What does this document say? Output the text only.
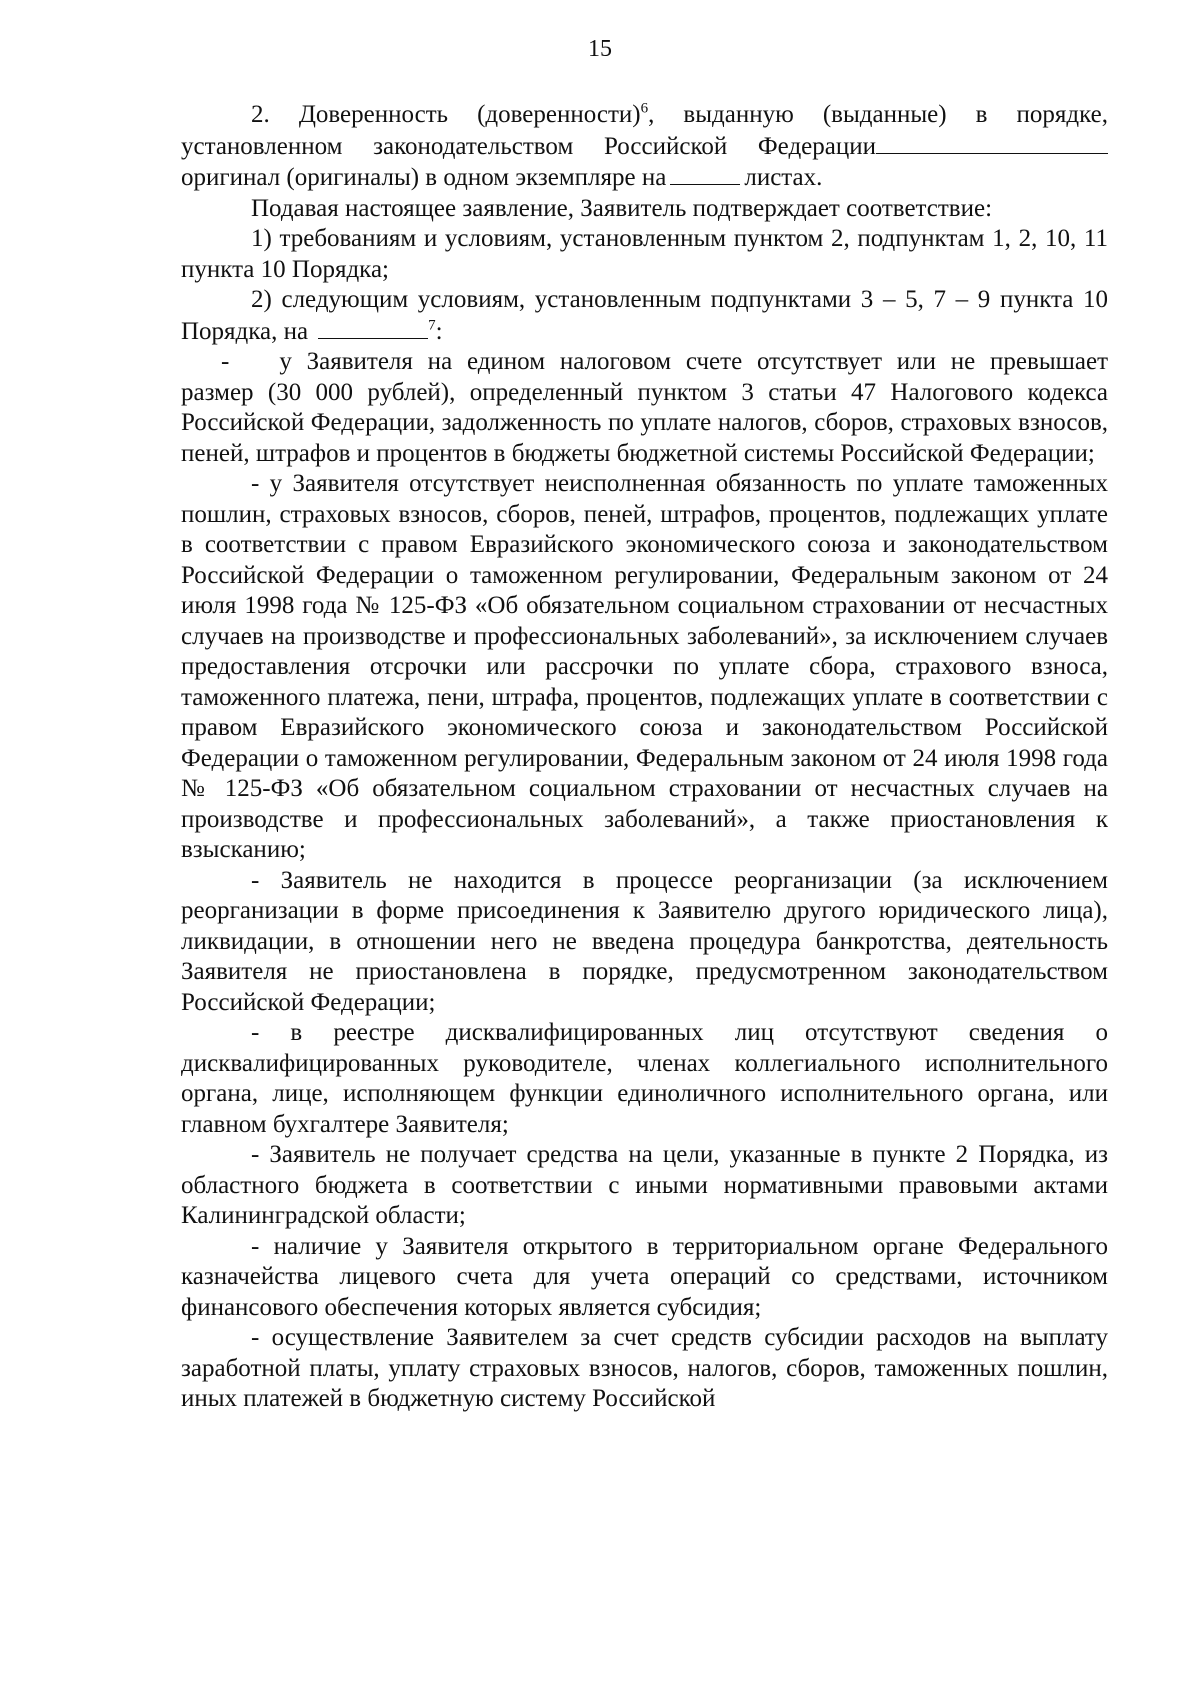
15

2. Доверенность (доверенности)$^6$, выданную (выданные) в порядке, установленном законодательством Российской Федерации оригинал (оригиналы) в одном экземпляре на	листах.

Подавая настоящее заявление, Заявитель подтверждает соответствие:

1) требованиям и условиям, установленным пунктом 2, подпунктам 1, 2, 10, 11 пункта 10 Порядка;

2) следующим условиям, установленным подпунктами 3 – 5, 7 – 9 пункта 10 Порядка, на	$^7$:

-  у Заявителя на едином налоговом счете отсутствует или не превышает размер (30 000 рублей), определенный пунктом 3 статьи 47 Налогового кодекса Российской Федерации, задолженность по уплате налогов, сборов, страховых взносов, пеней, штрафов и процентов в бюджеты бюджетной системы Российской Федерации;

- у Заявителя отсутствует неисполненная обязанность по уплате таможенных пошлин, страховых взносов, сборов, пеней, штрафов, процентов, подлежащих уплате в соответствии с правом Евразийского экономического союза и законодательством Российской Федерации о таможенном регулировании, Федеральным законом от 24 июля 1998 года № 125-ФЗ «Об обязательном социальном страховании от несчастных случаев на производстве и профессиональных заболеваний», за исключением случаев предоставления отсрочки или рассрочки по уплате сбора, страхового взноса, таможенного платежа, пени, штрафа, процентов, подлежащих уплате в соответствии с правом Евразийского экономического союза и законодательством Российской Федерации о таможенном регулировании, Федеральным законом от 24 июля 1998 года № 125-ФЗ «Об обязательном социальном страховании от несчастных случаев на производстве и профессиональных заболеваний», а также приостановления к взысканию;

- Заявитель не находится в процессе реорганизации (за исключением реорганизации в форме присоединения к Заявителю другого юридического лица), ликвидации, в отношении него не введена процедура банкротства, деятельность Заявителя не приостановлена в порядке, предусмотренном законодательством Российской Федерации;

- в реестре дисквалифицированных лиц отсутствуют сведения о дисквалифицированных руководителе, членах коллегиального исполнительного органа, лице, исполняющем функции единоличного исполнительного органа, или главном бухгалтере Заявителя;

- Заявитель не получает средства на цели, указанные в пункте 2 Порядка, из областного бюджета в соответствии с иными нормативными правовыми актами Калининградской области;

- наличие у Заявителя открытого в территориальном органе Федерального казначейства лицевого счета для учета операций со средствами, источником финансового обеспечения которых является субсидия;

- осуществление Заявителем за счет средств субсидии расходов на выплату заработной платы, уплату страховых взносов, налогов, сборов, таможенных пошлин, иных платежей в бюджетную систему Российской
